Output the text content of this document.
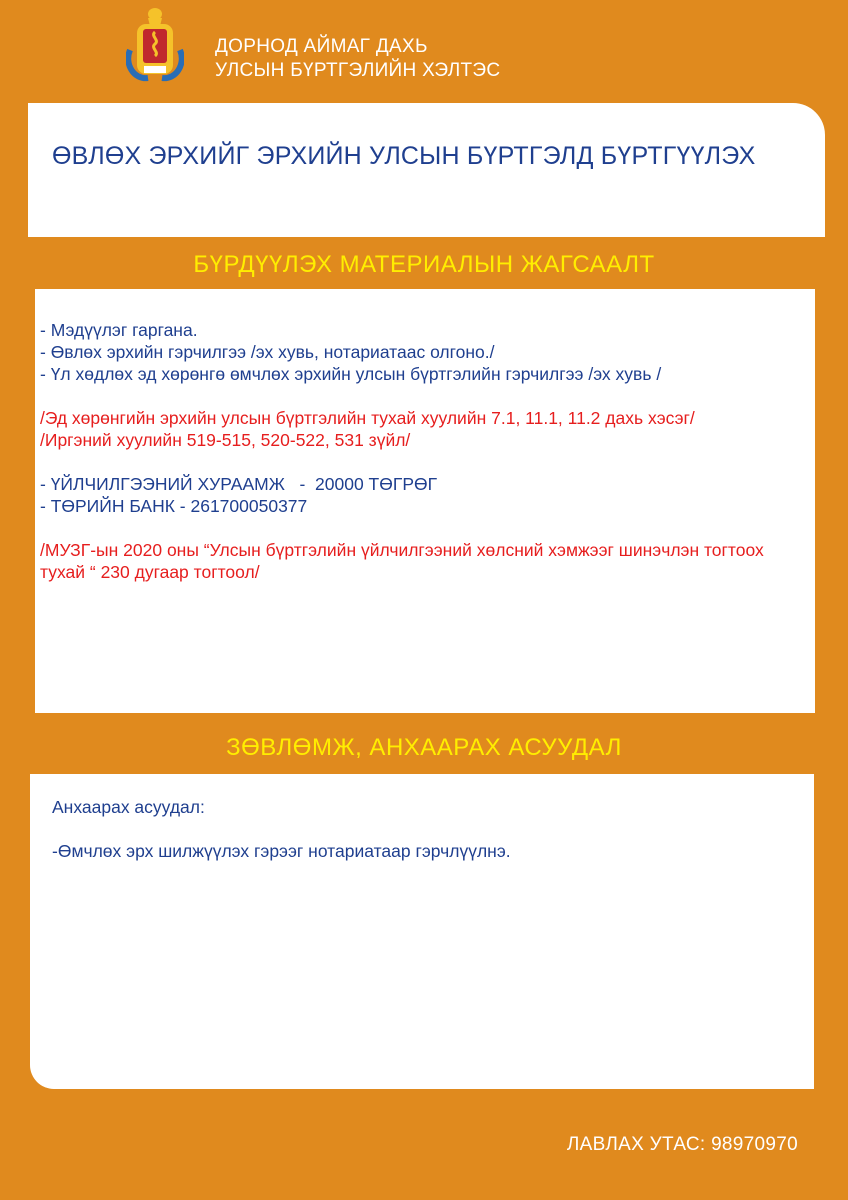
ДОРНОД АЙМАГ ДАХЬ
УЛСЫН БҮРТГЭЛИЙН ХЭЛТЭС
ӨВЛӨХ ЭРХИЙГ ЭРХИЙН УЛСЫН БҮРТГЭЛД БҮРТГҮҮЛЭХ
БҮРДҮҮЛЭХ МАТЕРИАЛЫН ЖАГСААЛТ
- Мэдүүлэг гаргана.
- Өвлөх эрхийн гэрчилгээ /эх хувь, нотариатаас олгоно./
- Үл хөдлөх эд хөрөнгө өмчлөх эрхийн улсын бүртгэлийн гэрчилгээ /эх хувь /
/Эд хөрөнгийн эрхийн улсын бүртгэлийн тухай хуулийн 7.1, 11.1, 11.2 дахь хэсэг/
/Иргэний хуулийн 519-515, 520-522, 531 зүйл/
- ҮЙЛЧИЛГЭЭНИЙ ХУРААМЖ   -  20000 ТӨГРӨГ
- ТӨРИЙН БАНК - 261700050377
/МУЗГ-ын 2020 оны “Улсын бүртгэлийн үйлчилгээний хөлсний хэмжээг шинэчлэн тогтоох тухай “ 230 дугаар тогтоол/
ЗӨВЛӨМЖ, АНХААРАХ АСУУДАЛ
Анхаарах асуудал:
-Өмчлөх эрх шилжүүлэх гэрээг нотариатаар гэрчлүүлнэ.
ЛАВЛАХ УТАС: 98970970
